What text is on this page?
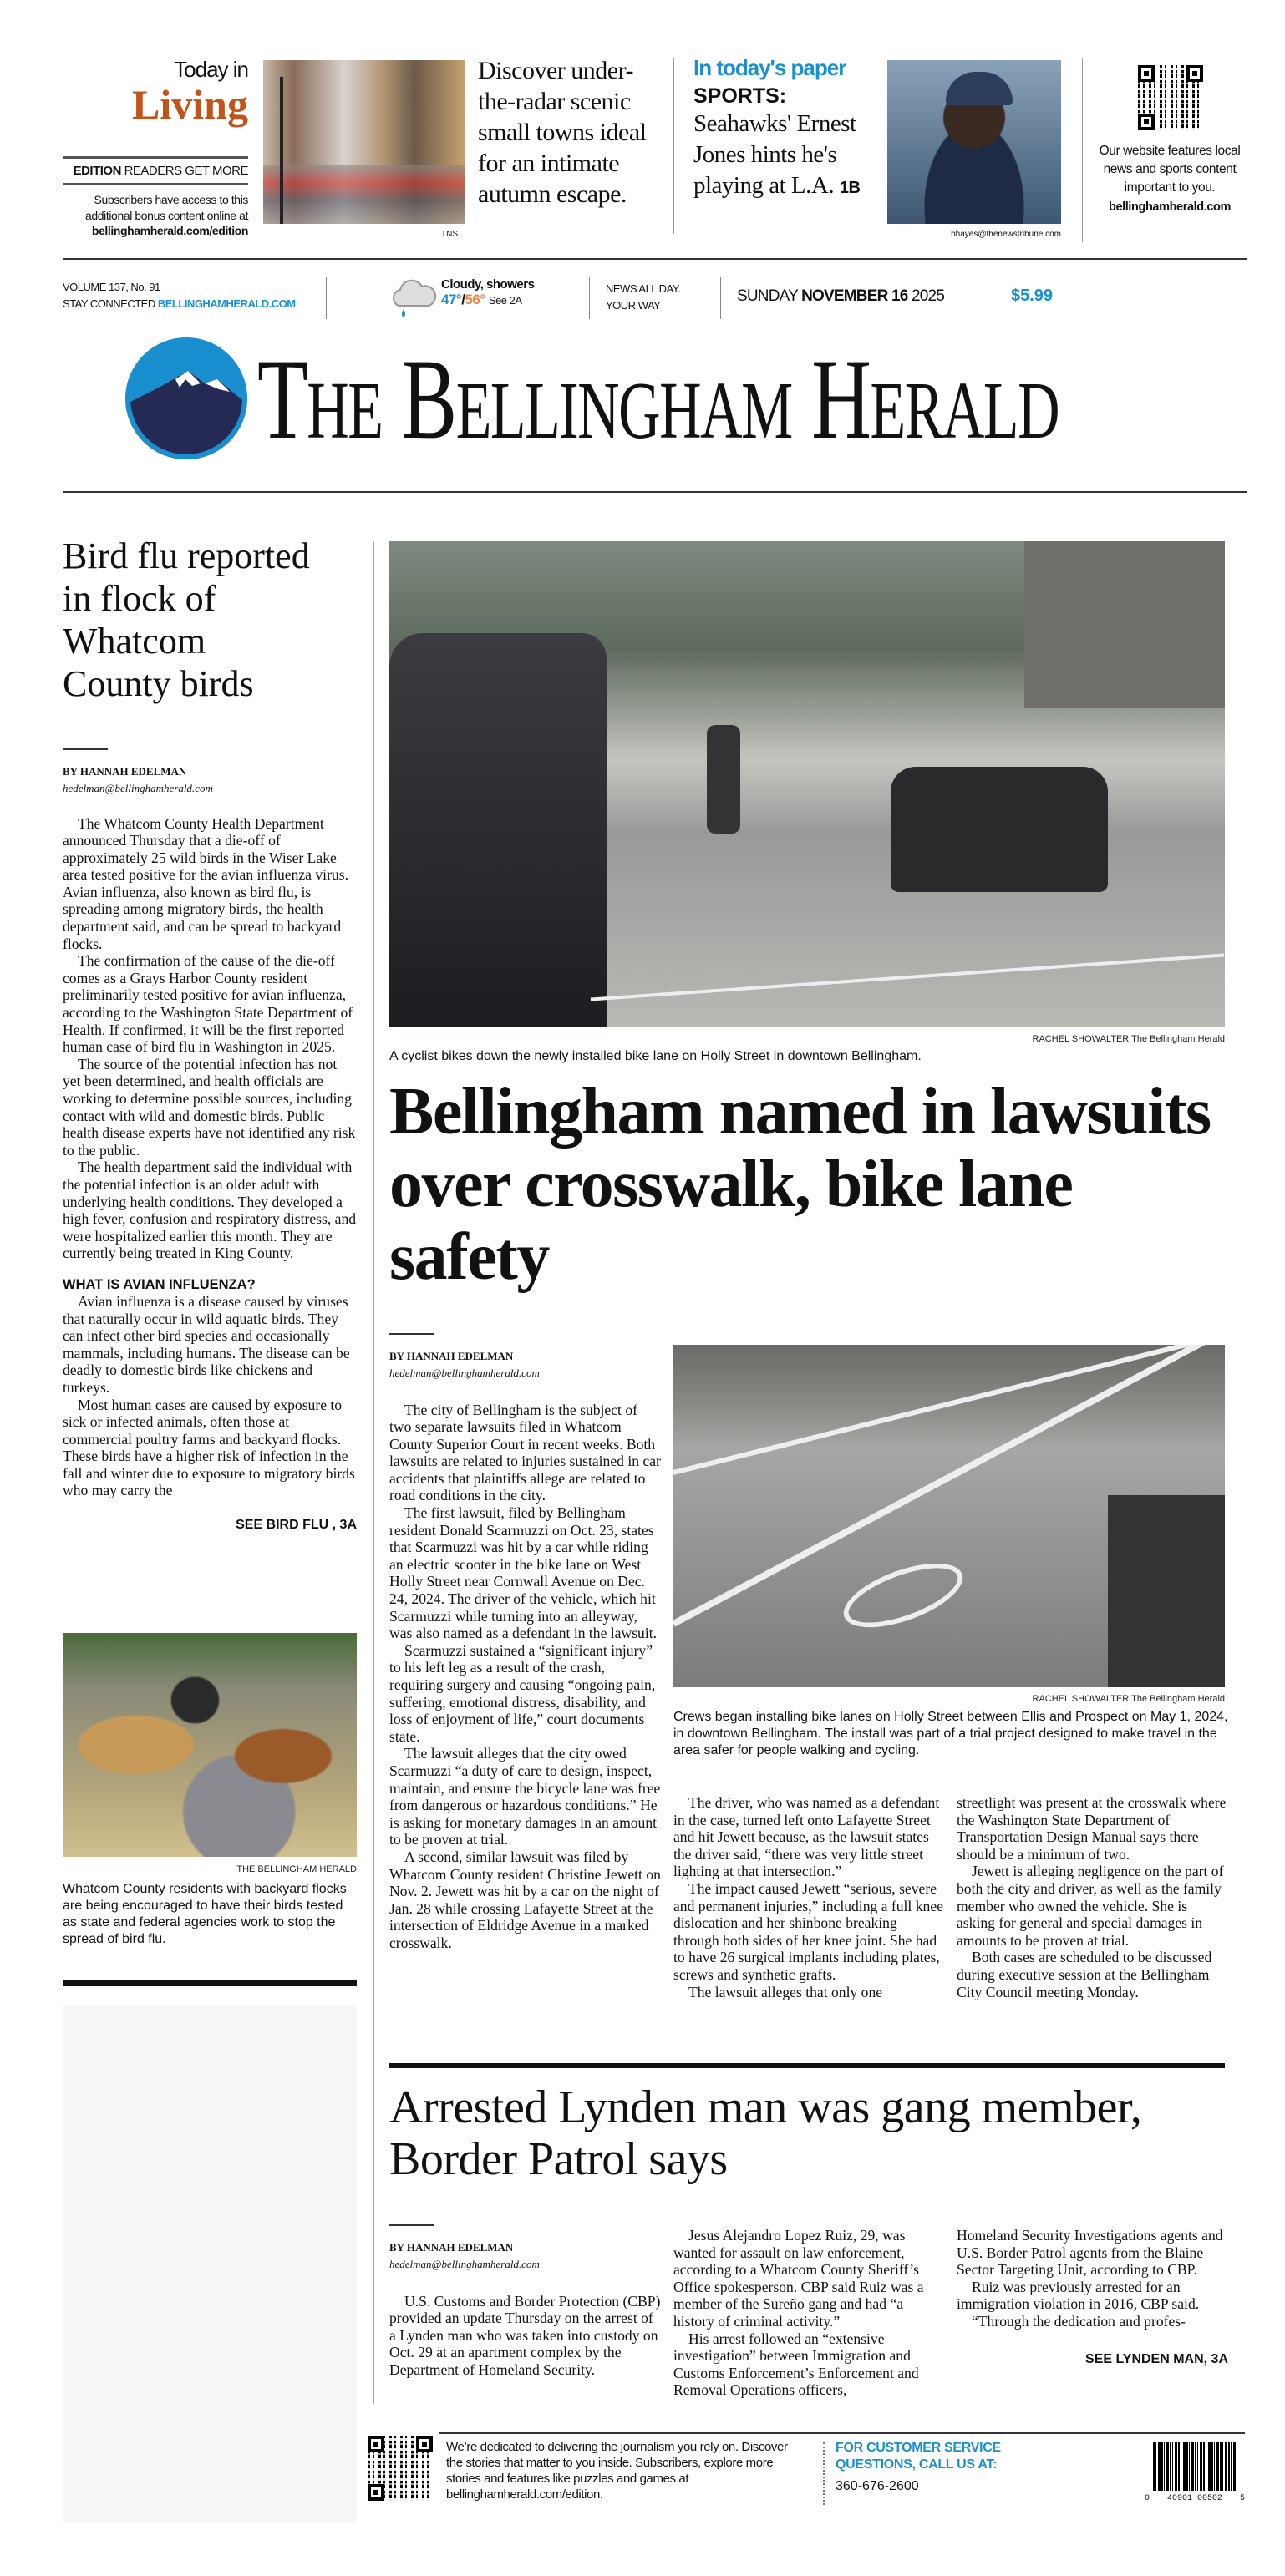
Today in
Living
EDITION READERS GET MORE
Subscribers have access to this additional bonus content online at
bellinghamherald.com/edition	TNS
Discover under-the-radar scenic small towns ideal for an intimate autumn escape.
In today's paper
SPORTS:
Seahawks' Ernest Jones hints he's playing at L.A. 1B
bhayes@thenewstribune.com
Our website features local news and sports content important to you.
bellinghamherald.com
VOLUME 137, No. 91
STAY CONNECTED BELLINGHAMHERALD.COM
Cloudy, showers
47°/56° See 2A
NEWS ALL DAY.
YOUR WAY
SUNDAY NOVEMBER 16 2025	$5.99
The Bellingham Herald
Bird flu reported in flock of Whatcom County birds
BY HANNAH EDELMAN
hedelman@bellinghamherald.com

The Whatcom County Health Department announced Thursday that a die-off of approximately 25 wild birds in the Wiser Lake area tested positive for the avian influenza virus. Avian influenza, also known as bird flu, is spreading among migratory birds, the health department said, and can be spread to backyard flocks.

The confirmation of the cause of the die-off comes as a Grays Harbor County resident preliminarily tested positive for avian influenza, according to the Washington State Department of Health. If confirmed, it will be the first reported human case of bird flu in Washington in 2025.

The source of the potential infection has not yet been determined, and health officials are working to determine possible sources, including contact with wild and domestic birds. Public health disease experts have not identified any risk to the public.

The health department said the individual with the potential infection is an older adult with underlying health conditions. They developed a high fever, confusion and respiratory distress, and were hospitalized earlier this month. They are currently being treated in King County.

WHAT IS AVIAN INFLUENZA?

Avian influenza is a disease caused by viruses that naturally occur in wild aquatic birds. They can infect other bird species and occasionally mammals, including humans. The disease can be deadly to domestic birds like chickens and turkeys.

Most human cases are caused by exposure to sick or infected animals, often those at commercial poultry farms and backyard flocks. These birds have a higher risk of infection in the fall and winter due to exposure to migratory birds who may carry the

SEE BIRD FLU , 3A
THE BELLINGHAM HERALD
Whatcom County residents with backyard flocks are being encouraged to have their birds tested as state and federal agencies work to stop the spread of bird flu.
RACHEL SHOWALTER The Bellingham Herald
A cyclist bikes down the newly installed bike lane on Holly Street in downtown Bellingham.
Bellingham named in lawsuits over crosswalk, bike lane safety
BY HANNAH EDELMAN
hedelman@bellinghamherald.com

The city of Bellingham is the subject of two separate lawsuits filed in Whatcom County Superior Court in recent weeks. Both lawsuits are related to injuries sustained in car accidents that plaintiffs allege are related to road conditions in the city.

The first lawsuit, filed by Bellingham resident Donald Scarmuzzi on Oct. 23, states that Scarmuzzi was hit by a car while riding an electric scooter in the bike lane on West Holly Street near Cornwall Avenue on Dec. 24, 2024. The driver of the vehicle, which hit Scarmuzzi while turning into an alleyway, was also named as a defendant in the lawsuit.

Scarmuzzi sustained a “significant injury” to his left leg as a result of the crash, requiring surgery and causing “ongoing pain, suffering, emotional distress, disability, and loss of enjoyment of life,” court documents state.

The lawsuit alleges that the city owed Scarmuzzi “a duty of care to design, inspect, maintain, and ensure the bicycle lane was free from dangerous or hazardous conditions.” He is asking for monetary damages in an amount to be proven at trial.

A second, similar lawsuit was filed by Whatcom County resident Christine Jewett on Nov. 2. Jewett was hit by a car on the night of Jan. 28 while crossing Lafayette Street at the intersection of Eldridge Avenue in a marked crosswalk.

RACHEL SHOWALTER The Bellingham Herald
Crews began installing bike lanes on Holly Street between Ellis and Prospect on May 1, 2024, in downtown Bellingham. The install was part of a trial project designed to make travel in the area safer for people walking and cycling.

The driver, who was named as a defendant in the case, turned left onto Lafayette Street and hit Jewett because, as the lawsuit states the driver said, “there was very little street lighting at that intersection.”

The impact caused Jewett “serious, severe and permanent injuries,” including a full knee dislocation and her shinbone breaking through both sides of her knee joint. She had to have 26 surgical implants including plates, screws and synthetic grafts.

The lawsuit alleges that only one

streetlight was present at the crosswalk where the Washington State Department of Transportation Design Manual says there should be a minimum of two.

Jewett is alleging negligence on the part of both the city and driver, as well as the family member who owned the vehicle. She is asking for general and special damages in amounts to be proven at trial.

Both cases are scheduled to be discussed during executive session at the Bellingham City Council meeting Monday.

Arrested Lynden man was gang member, Border Patrol says
BY HANNAH EDELMAN
hedelman@bellinghamherald.com

U.S. Customs and Border Protection (CBP) provided an update Thursday on the arrest of a Lynden man who was taken into custody on Oct. 29 at an apartment complex by the Department of Homeland Security.

Jesus Alejandro Lopez Ruiz, 29, was wanted for assault on law enforcement, according to a Whatcom County Sheriff’s Office spokesperson. CBP said Ruiz was a member of the Sureño gang and had “a history of criminal activity.”

His arrest followed an “extensive investigation” between Immigration and Customs Enforcement’s Enforcement and Removal Operations officers,

Homeland Security Investigations agents and U.S. Border Patrol agents from the Blaine Sector Targeting Unit, according to CBP.

Ruiz was previously arrested for an immigration violation in 2016, CBP said.

“Through the dedication and profes-

SEE LYNDEN MAN, 3A
We’re dedicated to delivering the journalism you rely on. Discover the stories that matter to you inside. Subscribers, explore more stories and features like puzzles and games at bellinghamherald.com/edition.
FOR CUSTOMER SERVICE QUESTIONS, CALL US AT:
360-676-2600
0 40901 00502 5
